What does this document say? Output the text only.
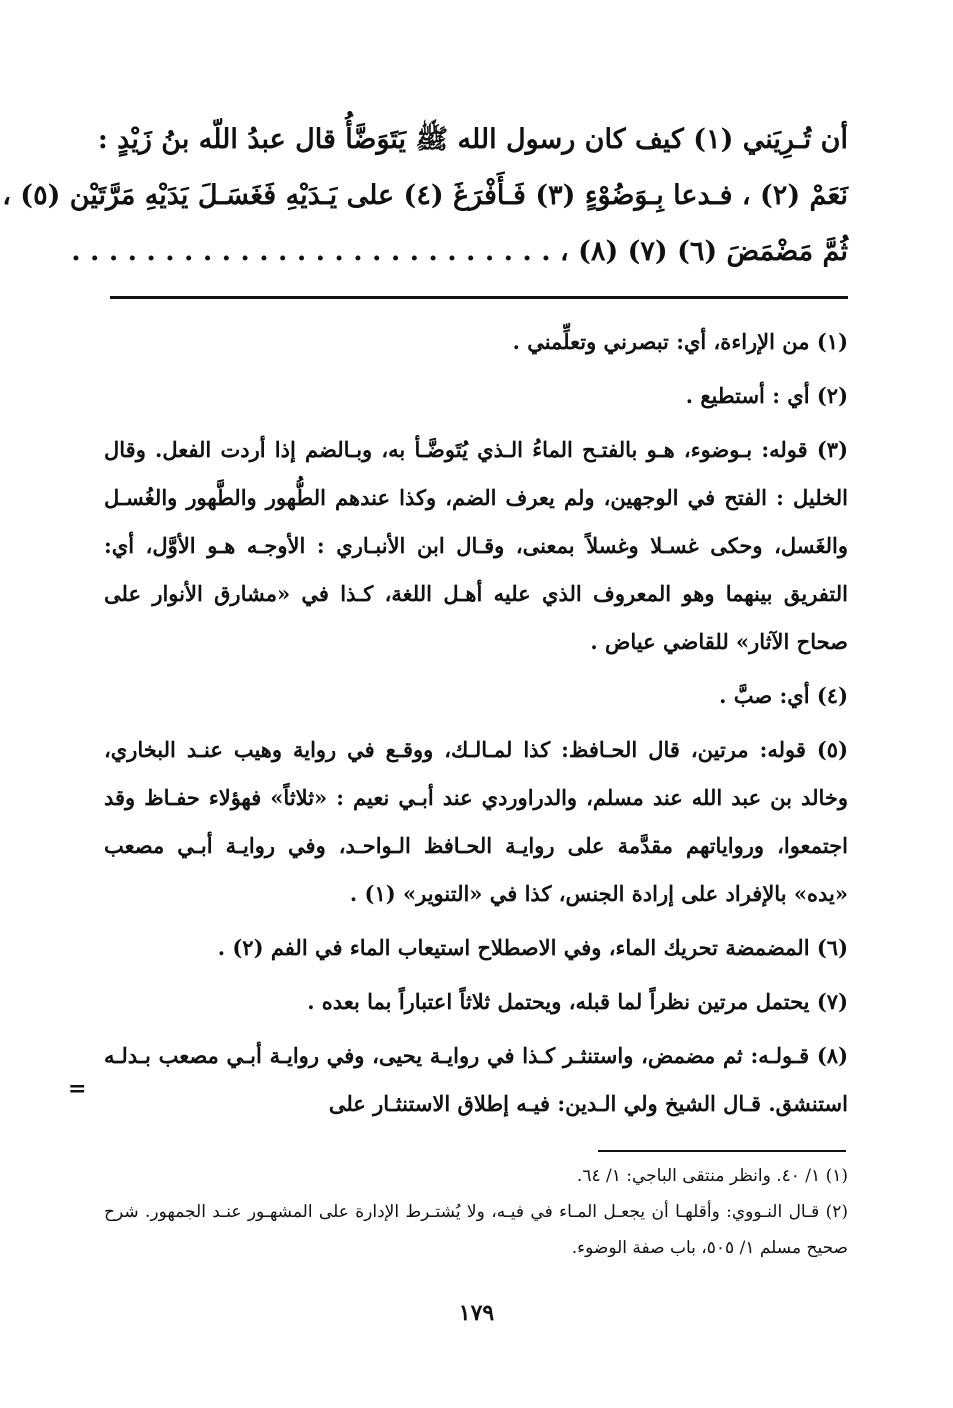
أن تُـرِيَني (١) كيف كان رسول الله ﷺ يَتَوَضَّأُ قال عبدُ اللّه بنُ زَيْدٍ :
نَعَمْ (٢) ، فـدعا بِـوَضُوْءٍ (٣) فَـأَفْرَغَ (٤) على يَـدَيْهِ فَغَسَـلَ يَدَيْهِ مَرَّتَيْن (٥) ،
ثُمَّ مَضْمَضَ (٦) (٧) (٨) ، . . . . . . . . . . . . . . . . . . . . . . . . . .

(١) من الإراءة، أي: تبصرني وتعلِّمني .

(٢) أي : أستطيع .

(٣) قوله: بـوضوء، هـو بالفتـح الماءُ الـذي يُتَوضَّـأ به، وبـالضم إذا أردت الفعل. وقال الخليل : الفتح في الوجهين، ولم يعرف الضم، وكذا عندهم الطُّهور والطَّهور والغُسـل والغَسل، وحكى غسـلا وغسلاً بمعنى، وقـال ابن الأنبـاري : الأوجـه هـو الأوَّل، أي: التفريق بينهما وهو المعروف الذي عليه أهـل اللغة، كـذا في «مشارق الأنوار على صحاح الآثار» للقاضي عياض .

(٤) أي: صبَّ .

(٥) قوله: مرتين، قال الحـافظ: كذا لمـالـك، ووقـع في رواية وهيب عنـد البخاري، وخالد بن عبد الله عند مسلم، والدراوردي عند أبـي نعيم : «ثلاثاً» فهؤلاء حفـاظ وقد اجتمعوا، ورواياتهم مقدَّمة على روايـة الحـافظ الـواحـد، وفي روايـة أبـي مصعب «يده» بالإفراد على إرادة الجنس، كذا في «التنوير» (١) .

(٦) المضمضة تحريك الماء، وفي الاصطلاح استيعاب الماء في الفم (٢) .

(٧) يحتمل مرتين نظراً لما قبله، ويحتمل ثلاثاً اعتباراً بما بعده .

(٨) قـولـه: ثم مضمض، واستنثـر كـذا في روايـة يحيى، وفي روايـة أبـي مصعب بـدلـه استنشق. قـال الشيخ ولي الـدين: فيـه إطلاق الاستنثـار على

=
(١) ١/ ٤٠. وانظر منتقى الباجي: ١/ ٦٤.
(٢) قـال النـووي: وأقلهـا أن يجعـل المـاء في فيـه، ولا يُشتـرط الإدارة على المشهـور عنـد الجمهور. شرح صحيح مسلم ١/ ٥٠٥، باب صفة الوضوء.
١٧٩
